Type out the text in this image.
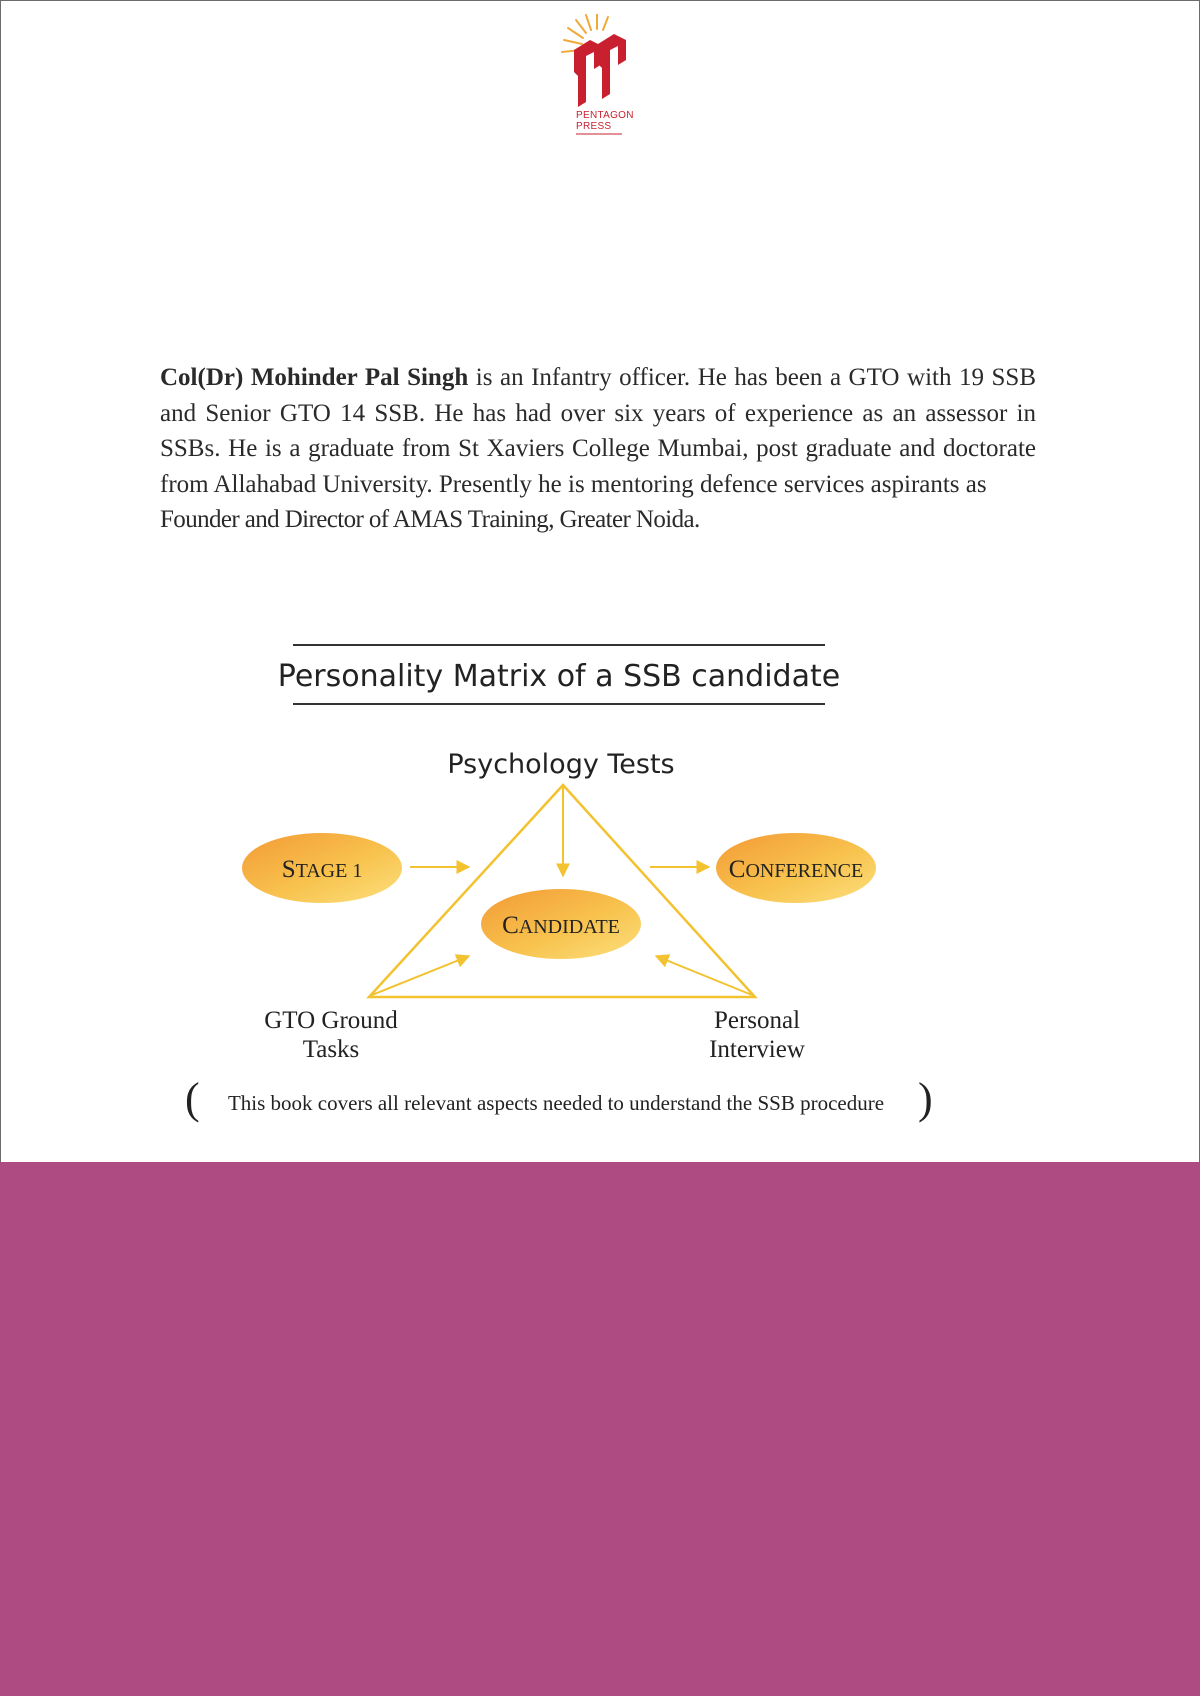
PENTAGON
PRESS

Col(Dr) Mohinder Pal Singh is an Infantry officer. He has been a GTO with 19 SSB and Senior GTO 14 SSB. He has had over six years of experience as an assessor in SSBs. He is a graduate from St Xaviers College Mumbai, post graduate and doctorate from Allahabad University. Presently he is mentoring defence services aspirants as
Founder and Director of AMAS Training, Greater Noida.

Personality Matrix of a SSB candidate
Psychology Tests
STAGE 1	CONFERENCE
CANDIDATE
GTO Ground
Tasks
Personal
Interview
( This book covers all relevant aspects needed to understand the SSB procedure )
